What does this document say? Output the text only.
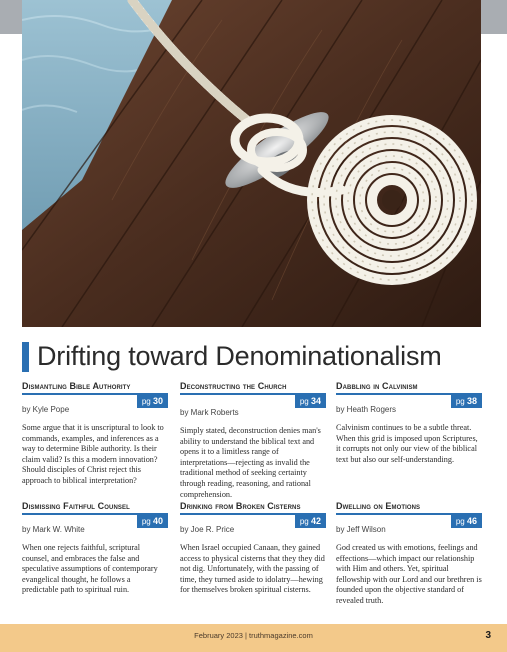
Drifting toward Denominationalism
Dismantling Bible Authority
pg 30
by Kyle Pope
Some argue that it is unscriptural to look to commands, examples, and inferences as a way to determine Bible authority. Is their claim valid? Is this a modern innovation? Should disciples of Christ reject this approach to biblical interpretation?
Deconstructing the Church
pg 34
by Mark Roberts
Simply stated, deconstruction denies man's ability to understand the biblical text and opens it to a limitless range of interpretations—rejecting as invalid the traditional method of seeking certainty through reading, reasoning, and rational comprehension.
Dabbling in Calvinism
pg 38
by Heath Rogers
Calvinism continues to be a subtle threat. When this grid is imposed upon Scriptures, it corrupts not only our view of the biblical text but also our self-understanding.
Dismissing Faithful Counsel
pg 40
by Mark W. White
When one rejects faithful, scriptural counsel, and embraces the false and speculative assumptions of contemporary evangelical thought, he follows a predictable path to spiritual ruin.
Drinking from Broken Cisterns
pg 42
by Joe R. Price
When Israel occupied Canaan, they gained access to physical cisterns that they they did not dig. Unfortunately, with the passing of time, they turned aside to idolatry—hewing for themselves broken spiritual cisterns.
Dwelling on Emotions
pg 46
by Jeff Wilson
God created us with emotions, feelings and effections—which impact our relationship with Him and others. Yet, spiritual fellowship with our Lord and our brethren is founded upon the objective standard of revealed truth.
February 2023 | truthmagazine.com	3
